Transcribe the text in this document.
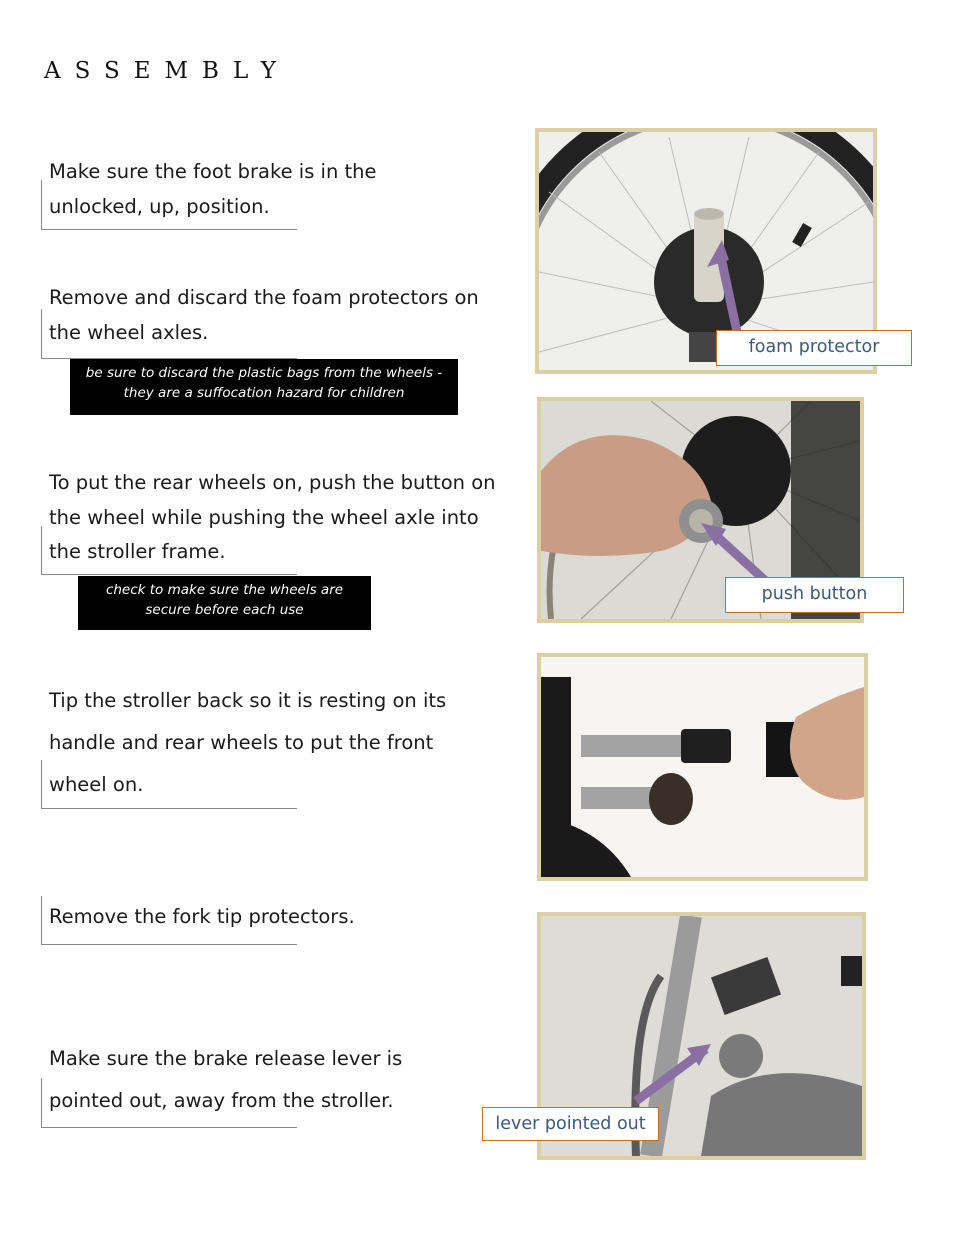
ASSEMBLY

Make sure the foot brake is in the

unlocked, up, position.

Remove and discard the foam protectors on

the wheel axles.

be sure to discard the plastic bags from the wheels -
they are a suffocation hazard for children

To put the rear wheels on, push the button on

the wheel while pushing the wheel axle into

the stroller frame.

check to make sure the wheels are
secure before each use

Tip the stroller back so it is resting on its

handle and rear wheels to put the front

wheel on.

Remove the fork tip protectors.

Make sure the brake release lever is

pointed out, away from the stroller.

foam protector
push button
lever pointed out
